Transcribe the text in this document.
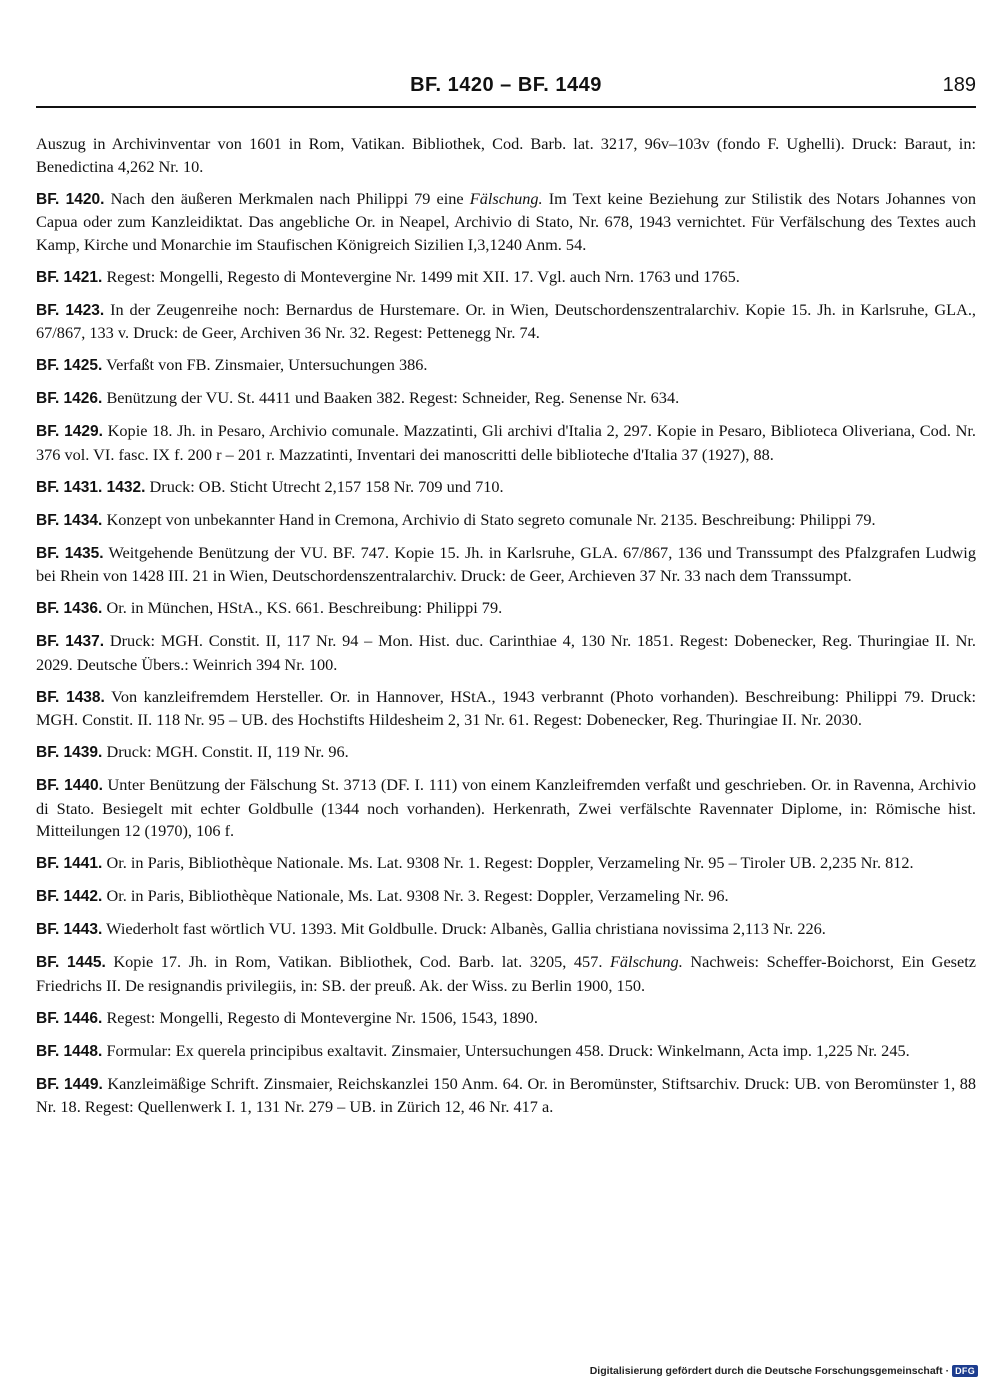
BF. 1420 – BF. 1449	189

Auszug in Archivinventar von 1601 in Rom, Vatikan. Bibliothek, Cod. Barb. lat. 3217, 96v–103v (fondo F. Ughelli). Druck: Baraut, in: Benedictina 4,262 Nr. 10.

BF. 1420. Nach den äußeren Merkmalen nach Philippi 79 eine Fälschung. Im Text keine Beziehung zur Stilistik des Notars Johannes von Capua oder zum Kanzleidiktat. Das angebliche Or. in Neapel, Archivio di Stato, Nr. 678, 1943 vernichtet. Für Verfälschung des Textes auch Kamp, Kirche und Monarchie im Staufischen Königreich Sizilien I,3,1240 Anm. 54.

BF. 1421. Regest: Mongelli, Regesto di Montevergine Nr. 1499 mit XII. 17. Vgl. auch Nrn. 1763 und 1765.

BF. 1423. In der Zeugenreihe noch: Bernardus de Hurstemare. Or. in Wien, Deutschordenszentralarchiv. Kopie 15. Jh. in Karlsruhe, GLA., 67/867, 133 v. Druck: de Geer, Archiven 36 Nr. 32. Regest: Pettenegg Nr. 74.

BF. 1425. Verfaßt von FB. Zinsmaier, Untersuchungen 386.

BF. 1426. Benützung der VU. St. 4411 und Baaken 382. Regest: Schneider, Reg. Senense Nr. 634.

BF. 1429. Kopie 18. Jh. in Pesaro, Archivio comunale. Mazzatinti, Gli archivi d'Italia 2, 297. Kopie in Pesaro, Biblioteca Oliveriana, Cod. Nr. 376 vol. VI. fasc. IX f. 200 r – 201 r. Mazzatinti, Inventari dei manoscritti delle biblioteche d'Italia 37 (1927), 88.

BF. 1431. 1432. Druck: OB. Sticht Utrecht 2,157 158 Nr. 709 und 710.

BF. 1434. Konzept von unbekannter Hand in Cremona, Archivio di Stato segreto comunale Nr. 2135. Beschreibung: Philippi 79.

BF. 1435. Weitgehende Benützung der VU. BF. 747. Kopie 15. Jh. in Karlsruhe, GLA. 67/867, 136 und Transsumpt des Pfalzgrafen Ludwig bei Rhein von 1428 III. 21 in Wien, Deutschordenszentralarchiv. Druck: de Geer, Archieven 37 Nr. 33 nach dem Transsumpt.

BF. 1436. Or. in München, HStA., KS. 661. Beschreibung: Philippi 79.

BF. 1437. Druck: MGH. Constit. II, 117 Nr. 94 – Mon. Hist. duc. Carinthiae 4, 130 Nr. 1851. Regest: Dobenecker, Reg. Thuringiae II. Nr. 2029. Deutsche Übers.: Weinrich 394 Nr. 100.

BF. 1438. Von kanzleifremdem Hersteller. Or. in Hannover, HStA., 1943 verbrannt (Photo vorhanden). Beschreibung: Philippi 79. Druck: MGH. Constit. II. 118 Nr. 95 – UB. des Hochstifts Hildesheim 2, 31 Nr. 61. Regest: Dobenecker, Reg. Thuringiae II. Nr. 2030.

BF. 1439. Druck: MGH. Constit. II, 119 Nr. 96.

BF. 1440. Unter Benützung der Fälschung St. 3713 (DF. I. 111) von einem Kanzleifremden verfaßt und geschrieben. Or. in Ravenna, Archivio di Stato. Besiegelt mit echter Goldbulle (1344 noch vorhanden). Herkenrath, Zwei verfälschte Ravennater Diplome, in: Römische hist. Mitteilungen 12 (1970), 106 f.

BF. 1441. Or. in Paris, Bibliothèque Nationale. Ms. Lat. 9308 Nr. 1. Regest: Doppler, Verzameling Nr. 95 – Tiroler UB. 2,235 Nr. 812.

BF. 1442. Or. in Paris, Bibliothèque Nationale, Ms. Lat. 9308 Nr. 3. Regest: Doppler, Verzameling Nr. 96.

BF. 1443. Wiederholt fast wörtlich VU. 1393. Mit Goldbulle. Druck: Albanès, Gallia christiana novissima 2,113 Nr. 226.

BF. 1445. Kopie 17. Jh. in Rom, Vatikan. Bibliothek, Cod. Barb. lat. 3205, 457. Fälschung. Nachweis: Scheffer-Boichorst, Ein Gesetz Friedrichs II. De resignandis privilegiis, in: SB. der preuß. Ak. der Wiss. zu Berlin 1900, 150.

BF. 1446. Regest: Mongelli, Regesto di Montevergine Nr. 1506, 1543, 1890.

BF. 1448. Formular: Ex querela principibus exaltavit. Zinsmaier, Untersuchungen 458. Druck: Winkelmann, Acta imp. 1,225 Nr. 245.

BF. 1449. Kanzleimäßige Schrift. Zinsmaier, Reichskanzlei 150 Anm. 64. Or. in Beromünster, Stiftsarchiv. Druck: UB. von Beromünster 1, 88 Nr. 18. Regest: Quellenwerk I. 1, 131 Nr. 279 – UB. in Zürich 12, 46 Nr. 417 a.

Digitalisierung gefördert durch die Deutsche Forschungsgemeinschaft · DFG
